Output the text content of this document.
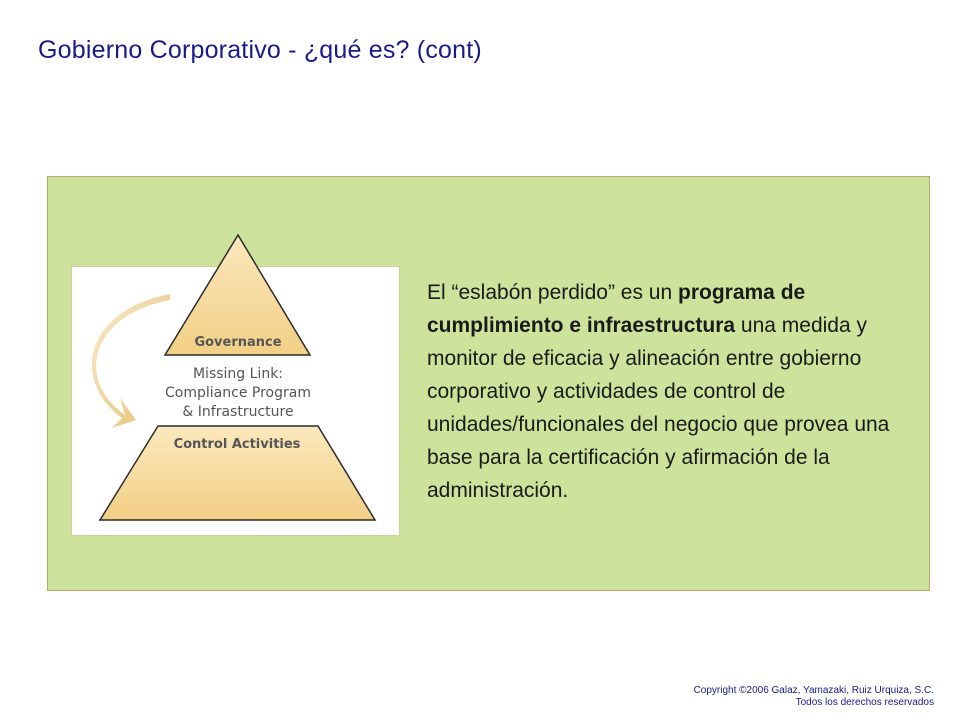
Gobierno Corporativo - ¿qué es? (cont)
Governance
Missing Link:
Compliance Program
& Infrastructure
Control Activities
El “eslabón perdido” es un programa de cumplimiento e infraestructura una medida y monitor de eficacia y alineación entre gobierno corporativo y actividades de control de unidades/funcionales del negocio que provea una base para la certificación y afirmación de la administración.
Copyright ©2006 Galaz, Yamazaki, Ruiz Urquiza, S.C.
Todos los derechos reservados
